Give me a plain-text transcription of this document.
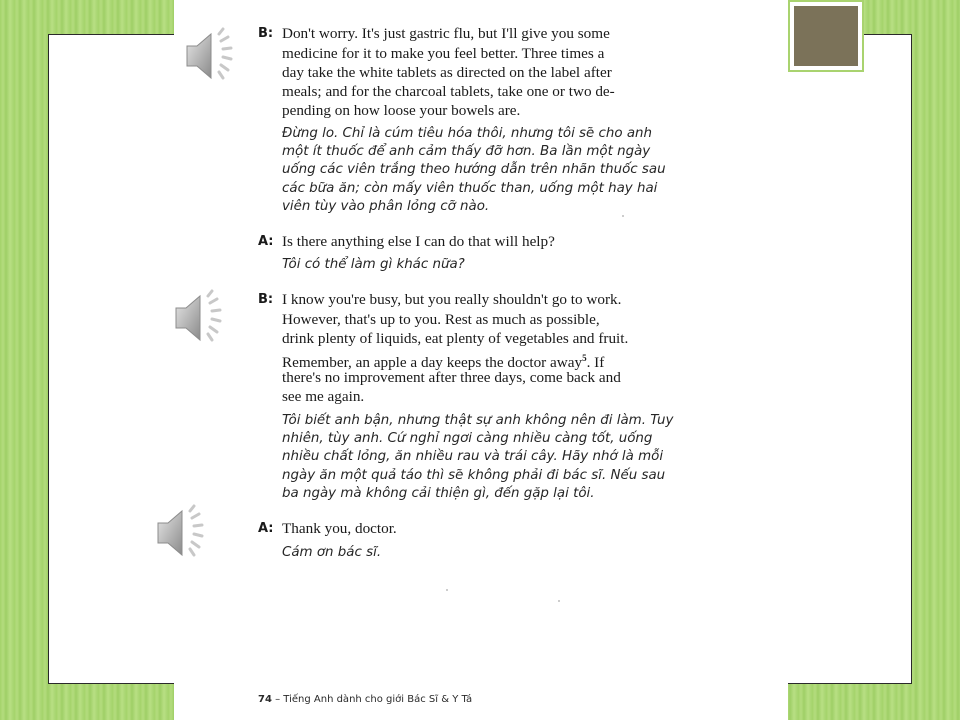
B: Don't worry. It's just gastric flu, but I'll give you some
medicine for it to make you feel better. Three times a
day take the white tablets as directed on the label after
meals; and for the charcoal tablets, take one or two de-
pending on how loose your bowels are.
Đừng lo. Chỉ là cúm tiêu hóa thôi, nhưng tôi sẽ cho anh
một ít thuốc để anh cảm thấy đỡ hơn. Ba lần một ngày
uống các viên trắng theo hướng dẫn trên nhãn thuốc sau
các bữa ăn; còn mấy viên thuốc than, uống một hay hai
viên tùy vào phân lỏng cỡ nào.
A: Is there anything else I can do that will help?
Tôi có thể làm gì khác nữa?
B: I know you're busy, but you really shouldn't go to work.
However, that's up to you. Rest as much as possible,
drink plenty of liquids, eat plenty of vegetables and fruit.
Remember, an apple a day keeps the doctor away$^5$. If
there's no improvement after three days, come back and
see me again.
Tôi biết anh bận, nhưng thật sự anh không nên đi làm. Tuy
nhiên, tùy anh. Cứ nghỉ ngơi càng nhiều càng tốt, uống
nhiều chất lỏng, ăn nhiều rau và trái cây. Hãy nhớ là mỗi
ngày ăn một quả táo thì sẽ không phải đi bác sĩ. Nếu sau
ba ngày mà không cải thiện gì, đến gặp lại tôi.
A: Thank you, doctor.
Cám ơn bác sĩ.
74 – Tiếng Anh dành cho giới Bác Sĩ & Y Tá
